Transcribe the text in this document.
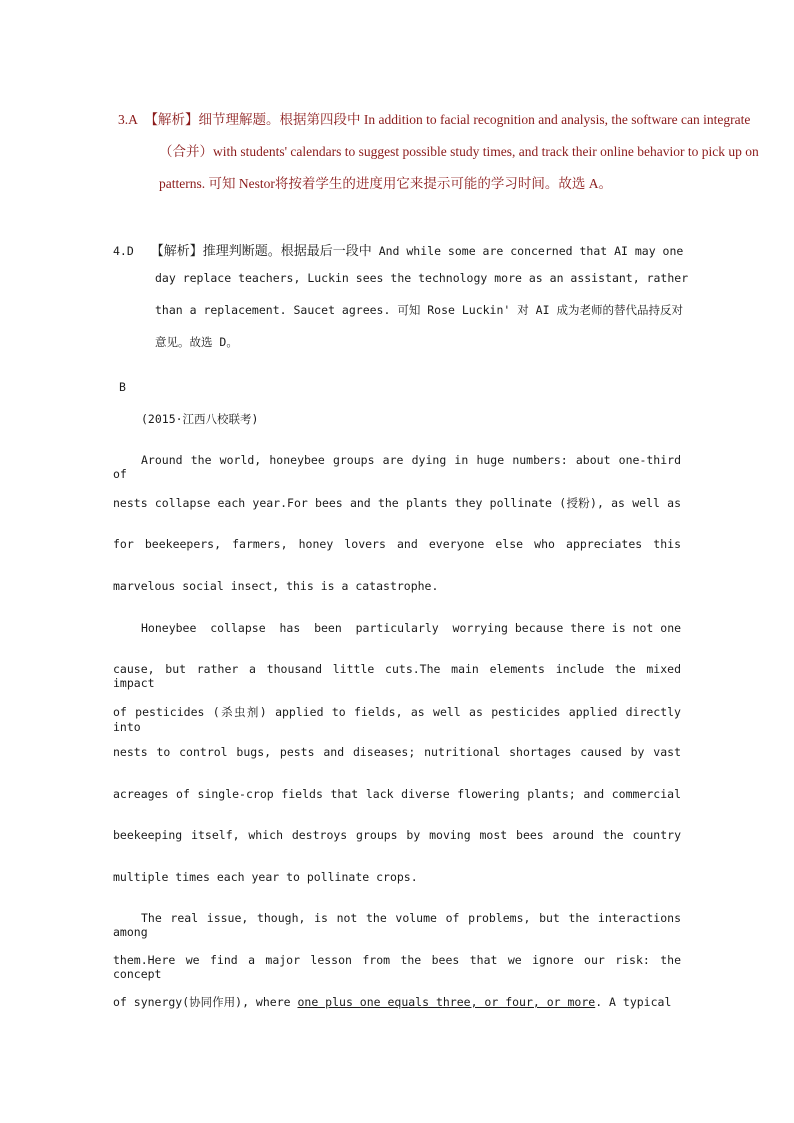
3.A 【解析】细节理解题。根据第四段中 In addition to facial recognition and analysis, the software can integrate
（合并）with students' calendars to suggest possible study times, and track their online behavior to pick up on
patterns. 可知 Nestor将按着学生的进度用它来提示可能的学习时间。故选 A。
4.D 【解析】推理判断题。根据最后一段中 And while some are concerned that AI may one
day replace teachers, Luckin sees the technology more as an assistant, rather
than a replacement. Saucet agrees. 可知 Rose Luckin' 对 AI 成为老师的替代品持反对
意见。故选 D。
B
(2015·江西八校联考)
Around the world, honeybee groups are dying in huge numbers: about one-third of
nests collapse each year.For bees and the plants they pollinate (授粉), as well as
for beekeepers, farmers, honey lovers and everyone else who appreciates this
marvelous social insect, this is a catastrophe.
Honeybee  collapse  has  been  particularly  worrying because there is not one
cause, but rather a thousand little cuts.The main elements include the mixed impact
of pesticides (杀虫剂) applied to fields, as well as pesticides applied directly into
nests to control bugs, pests and diseases; nutritional shortages caused by vast
acreages of single-crop fields that lack diverse flowering plants; and commercial
beekeeping itself, which destroys groups by moving most bees around the country
multiple times each year to pollinate crops.
The real issue, though, is not the volume of problems, but the interactions among
them.Here we find a major lesson from the bees that we ignore our risk: the concept
of synergy(协同作用), where one plus one equals three, or four, or more. A typical
